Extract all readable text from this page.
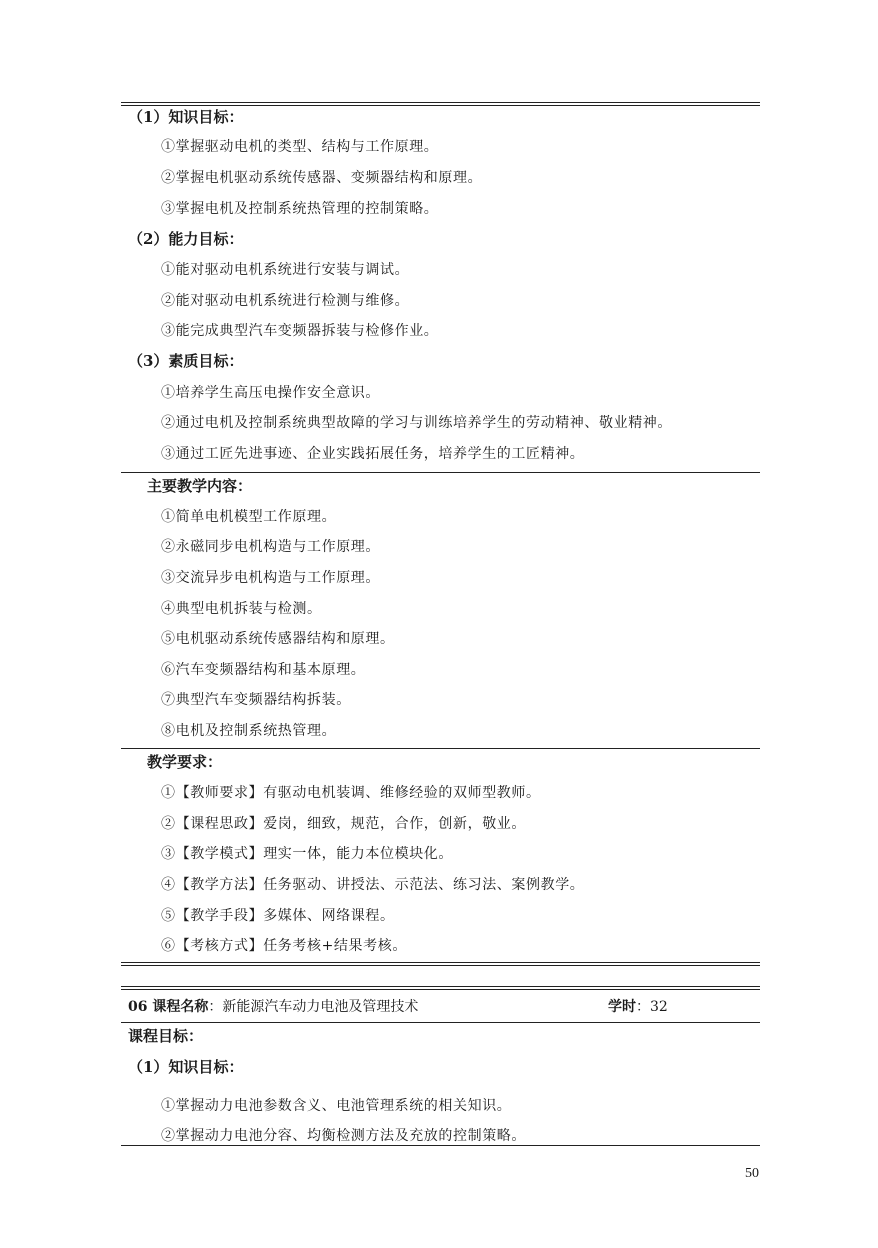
（1）知识目标：
①掌握驱动电机的类型、结构与工作原理。
②掌握电机驱动系统传感器、变频器结构和原理。
③掌握电机及控制系统热管理的控制策略。
（2）能力目标：
①能对驱动电机系统进行安装与调试。
②能对驱动电机系统进行检测与维修。
③能完成典型汽车变频器拆装与检修作业。
（3）素质目标：
①培养学生高压电操作安全意识。
②通过电机及控制系统典型故障的学习与训练培养学生的劳动精神、敬业精神。
③通过工匠先进事迹、企业实践拓展任务，培养学生的工匠精神。
主要教学内容：
①简单电机模型工作原理。
②永磁同步电机构造与工作原理。
③交流异步电机构造与工作原理。
④典型电机拆装与检测。
⑤电机驱动系统传感器结构和原理。
⑥汽车变频器结构和基本原理。
⑦典型汽车变频器结构拆装。
⑧电机及控制系统热管理。
教学要求：
①【教师要求】有驱动电机装调、维修经验的双师型教师。
②【课程思政】爱岗，细致，规范，合作，创新，敬业。
③【教学模式】理实一体，能力本位模块化。
④【教学方法】任务驱动、讲授法、示范法、练习法、案例教学。
⑤【教学手段】多媒体、网络课程。
⑥【考核方式】任务考核+结果考核。
06 课程名称：新能源汽车动力电池及管理技术	学时：32
课程目标：
（1）知识目标：
①掌握动力电池参数含义、电池管理系统的相关知识。
②掌握动力电池分容、均衡检测方法及充放的控制策略。
50
